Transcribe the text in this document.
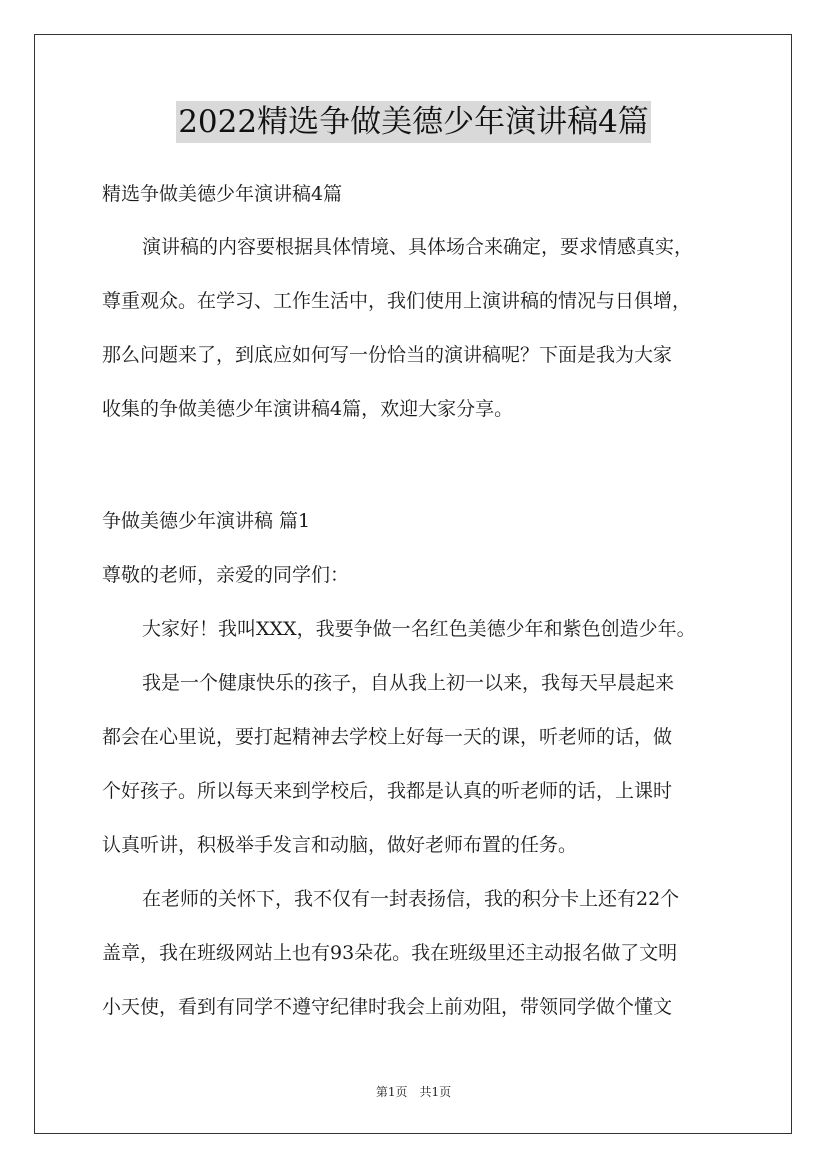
2022精选争做美德少年演讲稿4篇
精选争做美德少年演讲稿4篇
演讲稿的内容要根据具体情境、具体场合来确定，要求情感真实，
尊重观众。在学习、工作生活中，我们使用上演讲稿的情况与日俱增，
那么问题来了，到底应如何写一份恰当的演讲稿呢？下面是我为大家
收集的争做美德少年演讲稿4篇，欢迎大家分享。
争做美德少年演讲稿 篇1
尊敬的老师，亲爱的同学们：
大家好！我叫XXX，我要争做一名红色美德少年和紫色创造少年。
我是一个健康快乐的孩子，自从我上初一以来，我每天早晨起来
都会在心里说，要打起精神去学校上好每一天的课，听老师的话，做
个好孩子。所以每天来到学校后，我都是认真的听老师的话，上课时
认真听讲，积极举手发言和动脑，做好老师布置的任务。
在老师的关怀下，我不仅有一封表扬信，我的积分卡上还有22个
盖章，我在班级网站上也有93朵花。我在班级里还主动报名做了文明
小天使，看到有同学不遵守纪律时我会上前劝阻，带领同学做个懂文
第1页　共1页
